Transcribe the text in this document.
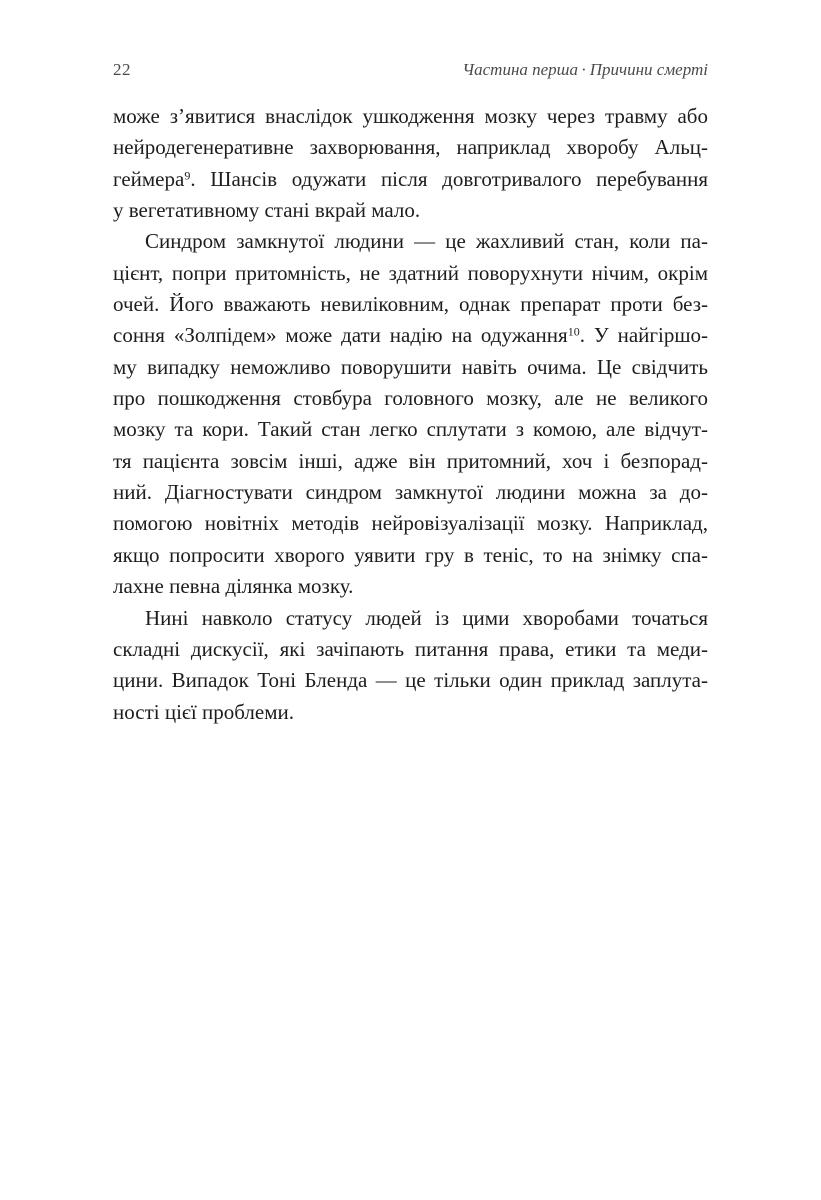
22	Частина перша · Причини смерті
може з’явитися внаслідок ушкодження мозку через травму або
нейродегенеративне захворювання, наприклад хворобу Альц-
геймера$^9$. Шансів одужати після довготривалого перебування
у вегетативному стані вкрай мало.
Синдром замкнутої людини — це жахливий стан, коли па-
цієнт, попри притомність, не здатний поворухнути нічим, окрім
очей. Його вважають невиліковним, однак препарат проти без-
соння «Золпідем» може дати надію на одужання$^{10}$. У найгіршо-
му випадку неможливо поворушити навіть очима. Це свідчить
про пошкодження стовбура головного мозку, але не великого
мозку та кори. Такий стан легко сплутати з комою, але відчут-
тя пацієнта зовсім інші, адже він притомний, хоч і безпорад-
ний. Діагностувати синдром замкнутої людини можна за до-
помогою новітніх методів нейровізуалізації мозку. Наприклад,
якщо попросити хворого уявити гру в теніс, то на знімку спа-
лахне певна ділянка мозку.
Нині навколо статусу людей із цими хворобами точаться
складні дискусії, які зачіпають питання права, етики та меди-
цини. Випадок Тоні Бленда — це тільки один приклад заплута-
ності цієї проблеми.
